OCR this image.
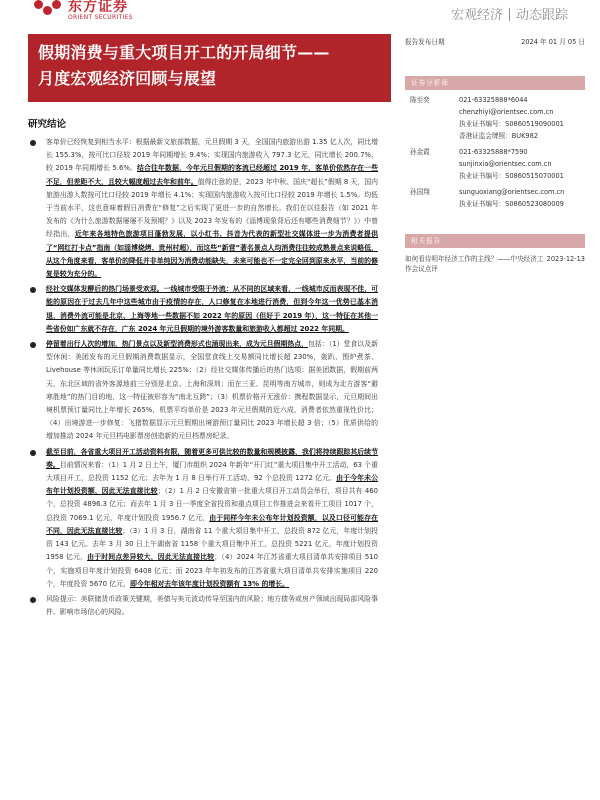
东方证券
ORIENT SECURITIES	宏观经济 动态跟踪
假期消费与重大项目开工的开局细节——
月度宏观经济回顾与展望
报告发布日期	2024 年 01 月 05 日
证券分析师
陈至奕	021-63325888*6044
chenzhiyi@orientsec.com.cn
执业证书编号：S0860519090001
香港证监会牌照：BUK982
孙金霞	021-63325888*7590
sunjinxia@orientsec.com.cn
执业证书编号：S0860515070001
孙国翔	sunguoxiang@orientsec.com.cn
执业证书编号：S0860523080009
相关报告
如何看待明年经济工作的主线？——中央经济工作会议点评
2023-12-13
研究结论
客单价已经恢复到相当水平：根据最新文旅部数据，元旦假期 3 天，全国国内旅游出游 1.35 亿人次，同比增长 155.3%，按可比口径较 2019 年同期增长 9.4%；实现国内旅游收入 797.3 亿元，同比增长 200.7%，较 2019 年同期增长 5.6%。结合往年数据，今年元旦假期的客流已经超过 2019 年，客单价依然存在一些不足，但差距不大，且较大幅度超过去年和前年。值得注意的是，2023 年中秋、国庆“超长”假期 8 天，国内旅游出游人数按可比口径较 2019 年增长 4.1%；实现国内旅游收入按可比口径较 2019 年增长 1.5%。均低于当前水平，这也意味着假日消费在“修复”之后实现了更进一步的自然增长。我们在以往报告（如 2021 年发布的《为什么旅游数据屡屡不及预期？》以及 2023 年发布的《淄博现象背后还有哪些消费细节？》）中曾经指出，近年来各地特色旅游项目蓬勃发展，以小红书、抖音为代表的新型社交媒体进一步为消费者提供了“网红打卡点”指南（如淄博烧烤、贵州村超），而这些“新营”著名景点人均消费往往较成熟景点来说略低，从这个角度来看，客单价的降低并非单纯因为消费动能缺失，未来可能也不一定完全回到原来水平，当前的修复是较为充分的。
经社交媒体发酵后的热门场景受欢迎。一线城市受限于外流：从不同的区域来看，一线城市反而表现不佳，可能的原因在于过去几年中这些城市由于疫情的存在，人口修复在本地进行消费，但到今年这一优势已基本消退，消费外流可能是北京、上海等地一些数据不如 2022 年的原因（但好于 2019 年），这一特征在其他一些省份如广东就不存在，广东 2024 年元旦假期的境外游客数量和旅游收入都超过 2022 年同期。
停留着出行人次的增加，热门景点以及新型消费形式也涌现出来，成为元旦假期热点，包括：（1）堂食以及新型休闲：美团发布的元旦假期消费数据显示，全国堂食线上交易额同比增长超 230%，轰趴、围炉煮茶、Livehouse 等休闲玩乐订单量同比增长 225%；（2）经社交媒体传播后的热门选项：据美团数据，假期前两天，东北区域的省外客源地前三分别是北京、上海和深圳；而在三亚、昆明等南方城市，则成为北方游客“避寒胜地”的热门目的地，这一特征被形容为“南北互跨”；（3）机票价格开无涨价：携程数据显示，元旦期间出境机票预订量同比上年增长 265%，机票平均单价是 2023 年元旦假期的近六成，消费者依然重视性价比；（4）出境游进一步修复：飞猪数据显示元旦假期出境游预订量同比 2023 年增长超 3 倍；（5）优质供给的增加推动 2024 年元旦档电影票房创造新的元旦档票房纪录。
截至目前，各省重大项目开工活动资料有限，随着更多可供比较的数量和规模披露，我们将持续跟踪其后续节奏。目前情况来看：（1）1 月 2 日上午，厦门市组织 2024 年新年“开门红”重大项目集中开工活动，63 个重大项目开工，总投资 1152 亿元；去年为 1 月 8 日举行开工活动，92 个总投资 1272 亿元。由于今年未公布年计划投资额，因此无法直接比较；（2）1 月 2 日安徽省第一批重大项目开工动员会举行，项目共有 460 个，总投资 4896.3 亿元；而去年 1 月 3 日一季度全省投资和重点项目工作推进会来看开工项目 1017 个，总投资 7069.1 亿元，年度计划投资 1956.7 亿元，由于同样今年未公布年计划投资额，以及口径可能存在不同，因此无法直接比较；（3）1 月 3 日，湖南省 11 个重大项目集中开工，总投资 872 亿元，年度计划投资 143 亿元。去年 3 月 30 日上午湖南省 1158 个重大项目集中开工，总投资 5221 亿元，年度计划投资 1958 亿元，由于时间点差异较大，因此无法直接比较；（4）2024 年江苏省重大项目清单共安排项目 510 个，实施项目年度计划投资 6408 亿元；而 2023 年年初发布的江苏省重大项目清单共安排实施项目 220 个，年度投资 5670 亿元，即今年相对去年该年度计划投资额有 13% 的增长。
风险提示：美联储货币政策关键期，美债与美元波动传导至国内的风险；地方债务或房产领域出现局部风险事件、影响市场信心的风险。
